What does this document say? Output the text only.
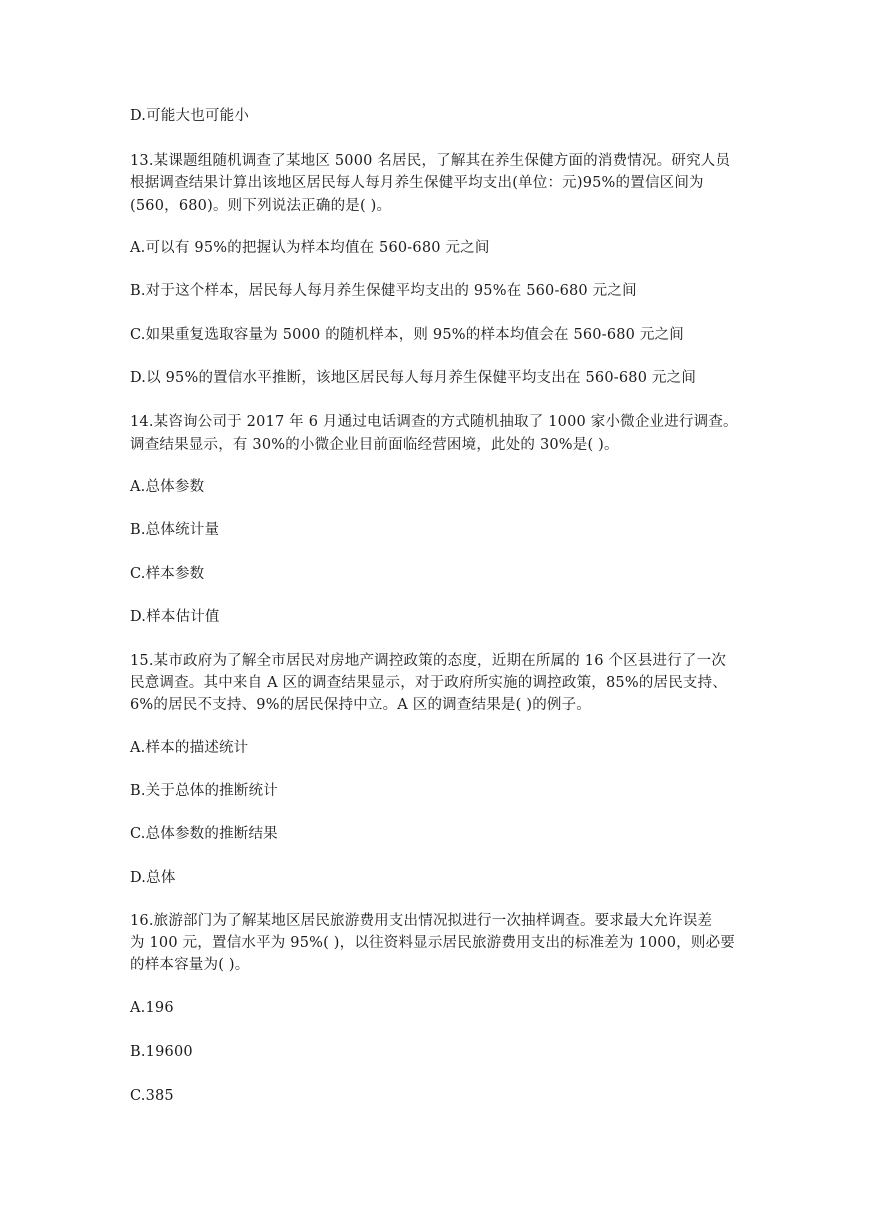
D.可能大也可能小
13.某课题组随机调查了某地区 5000 名居民，了解其在养生保健方面的消费情况。研究人员
根据调查结果计算出该地区居民每人每月养生保健平均支出(单位：元)95%的置信区间为
(560，680)。则下列说法正确的是( )。
A.可以有 95%的把握认为样本均值在 560-680 元之间
B.对于这个样本，居民每人每月养生保健平均支出的 95%在 560-680 元之间
C.如果重复选取容量为 5000 的随机样本，则 95%的样本均值会在 560-680 元之间
D.以 95%的置信水平推断，该地区居民每人每月养生保健平均支出在 560-680 元之间
14.某咨询公司于 2017 年 6 月通过电话调查的方式随机抽取了 1000 家小微企业进行调查。
调查结果显示，有 30%的小微企业目前面临经营困境，此处的 30%是( )。
A.总体参数
B.总体统计量
C.样本参数
D.样本估计值
15.某市政府为了解全市居民对房地产调控政策的态度，近期在所属的 16 个区县进行了一次
民意调查。其中来自 A 区的调查结果显示，对于政府所实施的调控政策，85%的居民支持、
6%的居民不支持、9%的居民保持中立。A 区的调查结果是( )的例子。
A.样本的描述统计
B.关于总体的推断统计
C.总体参数的推断结果
D.总体
16.旅游部门为了解某地区居民旅游费用支出情况拟进行一次抽样调查。要求最大允许误差
为 100 元，置信水平为 95%( )，以往资料显示居民旅游费用支出的标准差为 1000，则必要
的样本容量为( )。
A.196
B.19600
C.385
